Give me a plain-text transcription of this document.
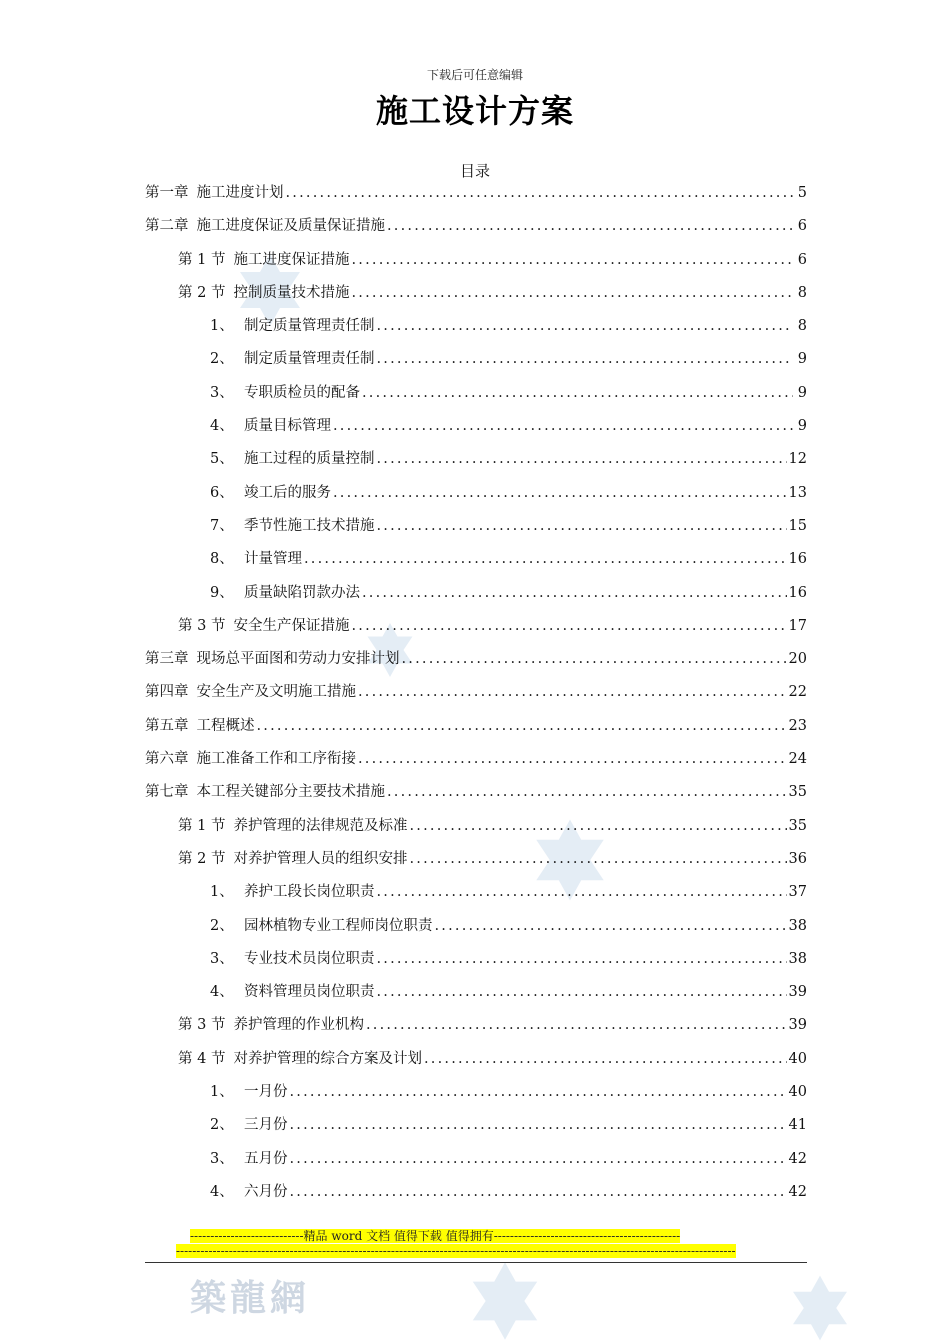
下载后可任意编辑
施工设计方案
目录
第一章 施工进度计划 .....	5
第二章 施工进度保证及质量保证措施 .....	6
第 1 节 施工进度保证措施 .....	6
第 2 节 控制质量技术措施 .....	8
1、 制定质量管理责任制 .....	8
2、 制定质量管理责任制 .....	9
3、 专职质检员的配备 .....	9
4、 质量目标管理 .....	9
5、 施工过程的质量控制 .....	12
6、 竣工后的服务 .....	13
7、 季节性施工技术措施 .....	15
8、 计量管理 .....	16
9、 质量缺陷罚款办法 .....	16
第 3 节 安全生产保证措施 .....	17
第三章 现场总平面图和劳动力安排计划 .....	20
第四章 安全生产及文明施工措施 .....	22
第五章 工程概述 .....	23
第六章 施工准备工作和工序衔接 .....	24
第七章 本工程关键部分主要技术措施 .....	35
第 1 节 养护管理的法律规范及标准 .....	35
第 2 节 对养护管理人员的组织安排 .....	36
1、 养护工段长岗位职责 .....	37
2、 园林植物专业工程师岗位职责 .....	38
3、 专业技术员岗位职责 .....	38
4、 资料管理员岗位职责 .....	39
第 3 节 养护管理的作业机构 .....	39
第 4 节 对养护管理的综合方案及计划 .....	40
1、 一月份 .....	40
2、 三月份 .....	41
3、 五月份 .....	42
4、 六月份 .....	42
----------------------------精品 word 文档 值得下载 值得拥有----------------------------------------------
------------------------------------------------------------------------------------------------------------------------------------------
築龍網
